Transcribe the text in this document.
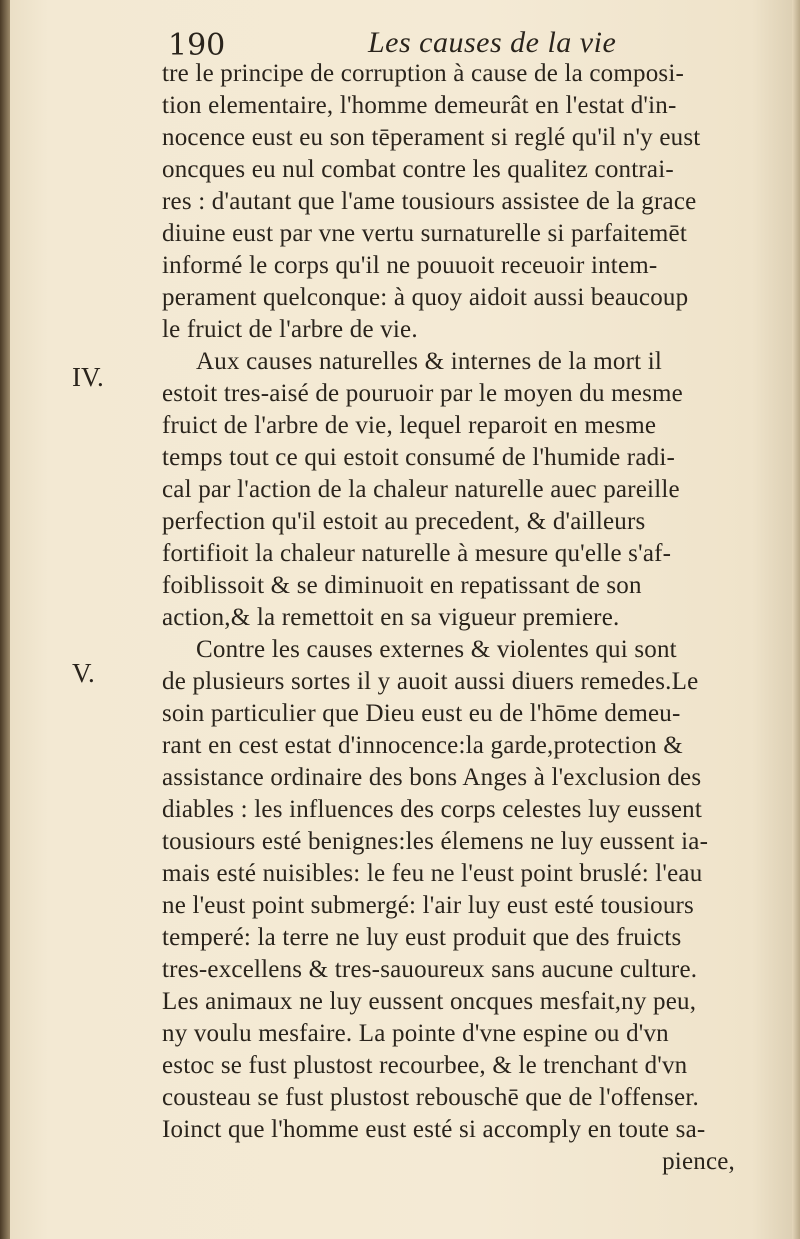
190	Les causes de la vie
IV.
V.
tre le principe de corruption à cause de la composi-
tion elementaire, l'homme demeurât en l'estat d'in-
nocence eust eu son tēperament si reglé qu'il n'y eust
oncques eu nul combat contre les qualitez contrai-
res : d'autant que l'ame tousiours assistee de la grace
diuine eust par vne vertu surnaturelle si parfaitemēt
informé le corps qu'il ne pouuoit receuoir intem-
perament quelconque: à quoy aidoit aussi beaucoup
le fruict de l'arbre de vie.
Aux causes naturelles & internes de la mort il
estoit tres-aisé de pouruoir par le moyen du mesme
fruict de l'arbre de vie, lequel reparoit en mesme
temps tout ce qui estoit consumé de l'humide radi-
cal par l'action de la chaleur naturelle auec pareille
perfection qu'il estoit au precedent, & d'ailleurs
fortifioit la chaleur naturelle à mesure qu'elle s'af-
foiblissoit & se diminuoit en repatissant de son
action,& la remettoit en sa vigueur premiere.
Contre les causes externes & violentes qui sont
de plusieurs sortes il y auoit aussi diuers remedes.Le
soin particulier que Dieu eust eu de l'hōme demeu-
rant en cest estat d'innocence:la garde,protection &
assistance ordinaire des bons Anges à l'exclusion des
diables : les influences des corps celestes luy eussent
tousiours esté benignes:les élemens ne luy eussent ia-
mais esté nuisibles: le feu ne l'eust point bruslé: l'eau
ne l'eust point submergé: l'air luy eust esté tousiours
temperé: la terre ne luy eust produit que des fruicts
tres-excellens & tres-sauoureux sans aucune culture.
Les animaux ne luy eussent oncques mesfait,ny peu,
ny voulu mesfaire. La pointe d'vne espine ou d'vn
estoc se fust plustost recourbee, & le trenchant d'vn
cousteau se fust plustost rebouschē que de l'offenser.
Ioinct que l'homme eust esté si accomply en toute sa-
pience,
